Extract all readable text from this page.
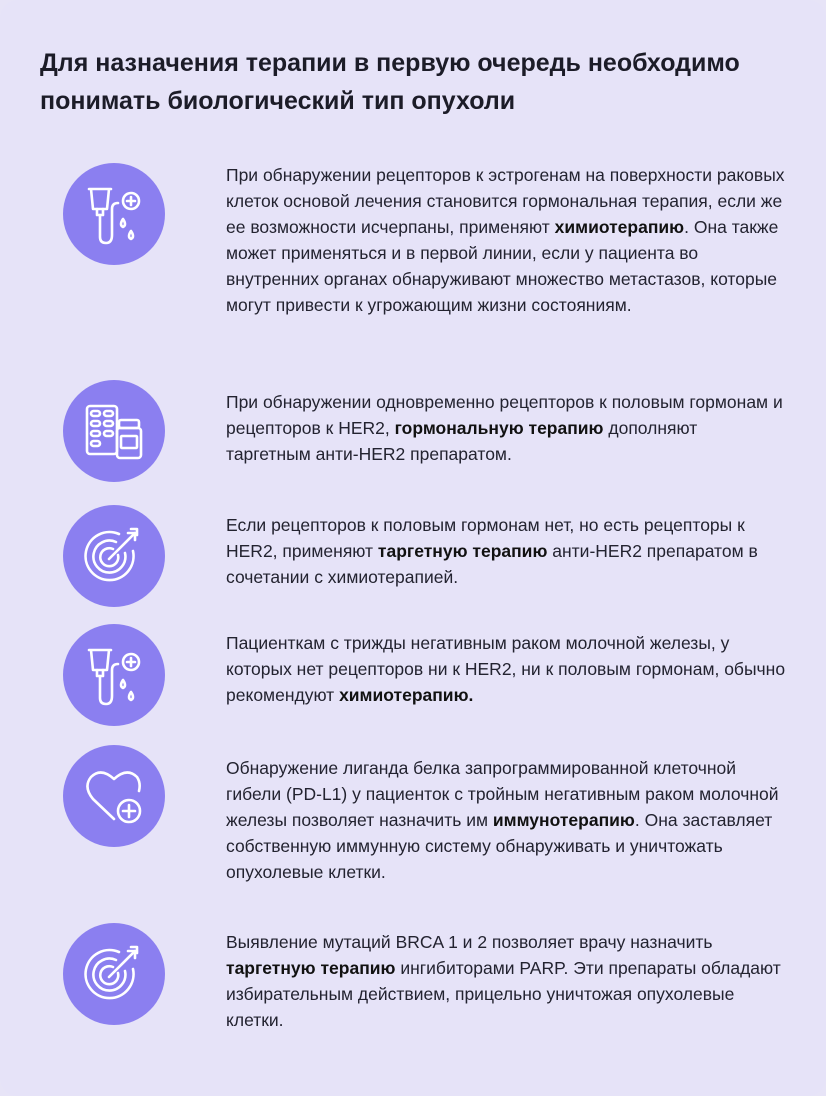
Для назначения терапии в первую очередь необходимо понимать биологический тип опухоли

При обнаружении рецепторов к эстрогенам на поверхности раковых клеток основой лечения становится гормональная терапия, если же ее возможности исчерпаны, применяют химиотерапию. Она также может применяться и в первой линии, если у пациента во внутренних органах обнаруживают множество метастазов, которые могут привести к угрожающим жизни состояниям.

При обнаружении одновременно рецепторов к половым гормонам и рецепторов к HER2, гормональную терапию дополняют таргетным анти-HER2 препаратом.

Если рецепторов к половым гормонам нет, но есть рецепторы к HER2, применяют таргетную терапию анти-HER2 препаратом в сочетании с химиотерапией.

Пациенткам с трижды негативным раком молочной железы, у которых нет рецепторов ни к HER2, ни к половым гормонам, обычно рекомендуют химиотерапию.

Обнаружение лиганда белка запрограммированной клеточной гибели (PD-L1) у пациенток с тройным негативным раком молочной железы позволяет назначить им иммунотерапию. Она заставляет собственную иммунную систему обнаруживать и уничтожать опухолевые клетки.

Выявление мутаций BRCA 1 и 2 позволяет врачу назначить таргетную терапию ингибиторами PARP. Эти препараты обладают избирательным действием, прицельно уничтожая опухолевые клетки.
